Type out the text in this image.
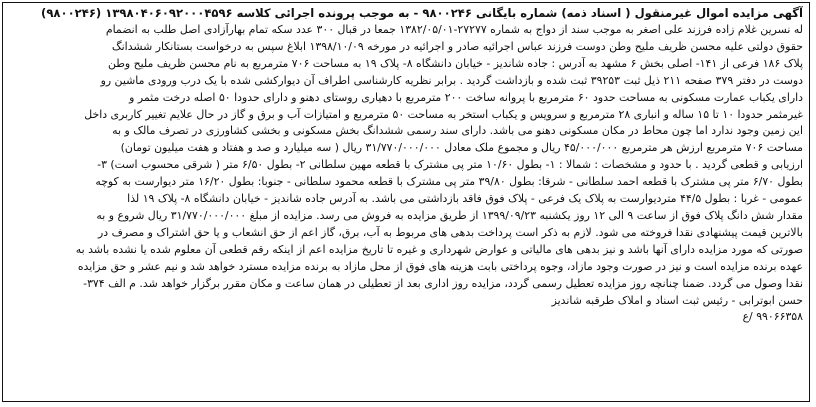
آگهی مزایده اموال غیرمنقول ( اسناد ذمه) شماره بایگانی ۹۸۰۰۲۴۶ - به موجب پرونده اجرائی کلاسه ۱۳۹۸۰۴۰۶۰۹۲۰۰۰۴۵۹۶ (۹۸۰۰۲۴۶)
له نسرین غلام زاده فرزند علی اصغر به موجب سند از دواج به شماره ۲۷۲۷۷-۱۳۸۲/۰۵/۰۱ جمعا در قبال ۳۰۰ عدد سکه تمام بهارآزادی اصل طلب به انضمام
حقوق دولتی علیه محسن ظریف ملیح وطن دوست فرزند عباس اجرائیه صادر و اجرائیه در مورخه ۱۳۹۸/۱۰/۰۹ ابلاغ سپس به درخواست بستانکار ششدانگ
پلاک ۱۸۶ فرعی از ۱۴۱- اصلی بخش ۶ مشهد به آدرس : جاده شاندیز - خیابان دانشگاه ۸- پلاک ۱۹ به مساحت ۷۰۶ مترمربع به نام محسن ظریف ملیح وطن
دوست در دفتر ۳۷۹ صفحه ۲۱۱ ذیل ثبت ۳۹۲۵۳ ثبت شده و بازداشت گردید . برابر نظریه کارشناسی اطراف آن دیوارکشی شده با یک درب ورودی ماشین رو
دارای یکباب عمارت مسکونی به مساحت حدود ۶۰ مترمربع با پروانه ساخت ۲۰۰ مترمربع با دهیاری روستای دهنو و دارای حدودا ۵۰ اصله درخت مثمر و
غیرمثمر حدودا ۱۰ تا ۱۵ ساله و انباری ۲۸ مترمربع و سرویس و یکباب استخر به مساحت ۵۰ مترمربع و امتیازات آب و برق و گاز در حال علایم تغییر کاربری داخل
این زمین وجود ندارد اما چون محاط در مکان مسکونی دهنو می باشد. دارای سند رسمی ششدانگ بخش مسکونی و بخشی کشاورزی در تصرف مالک و به
مساحت ۷۰۶ مترمربع ارزش هر مترمربع ۴۵/۰۰۰/۰۰۰ ریال و مجموع ملک معادل ۳۱/۷۷۰/۰۰۰/۰۰۰ ریال ( سه میلیارد و صد و هفتاد و هفت میلیون تومان)
ارزیابی و قطعی گردید . با حدود و مشخصات : شمالا : ۱- بطول ۱۰/۶۰ متر پی مشترک با قطعه مهین سلطانی ۲- بطول ۶/۵۰ متر ( شرقی محسوب است) ۳-
بطول ۶/۷۰ متر پی مشترک با قطعه احمد سلطانی - شرقا: بطول ۳۹/۸۰ متر پی مشترک با قطعه محمود سلطانی - جنوبا: بطول ۱۶/۲۰ متر دیوارست به کوچه
عمومی - غربا : بطول ۴۴/۵ متردیوارست به پلاک یک فرعی - پلاک فوق فاقد بازداشتی می باشد. به آدرس جاده شاندیز - خیابان دانشگاه ۸- پلاک ۱۹ لذا
مقدار شش دانگ پلاک فوق از ساعت ۹ الی ۱۲ روز یکشنبه ۱۳۹۹/۰۹/۲۳ از طریق مزایده به فروش می رسد. مزایده از مبلغ ۳۱/۷۷۰/۰۰۰/۰۰۰ ریال شروع و به
بالاترین قیمت پیشنهادی نقدا فروخته می شود. لازم به ذکر است پرداخت بدهی های مربوط به آب، برق، گاز اعم از حق انشعاب و یا حق اشتراک و مصرف در
صورتی که مورد مزایده دارای آنها باشد و نیز بدهی های مالیاتی و عوارض شهرداری و غیره تا تاریخ مزایده اعم از اینکه رقم قطعی آن معلوم شده یا نشده باشد به
عهده برنده مزایده است و نیز در صورت وجود مازاد، وجوه پرداختی بابت هزینه های فوق از محل مازاد به برنده مزایده مسترد خواهد شد و نیم عشر و حق مزایده
نقدا وصول می گردد. ضمنا چنانچه روز مزایده تعطیل رسمی گردد، مزایده روز اداری بعد از تعطیلی در همان ساعت و مکان مقرر برگزار خواهد شد. م الف ۳۷۴-
حسن ابوترابی - رئیس ثبت اسناد و املاک طرقبه شاندیز
۹۹۰۶۶۳۵۸ /ع
